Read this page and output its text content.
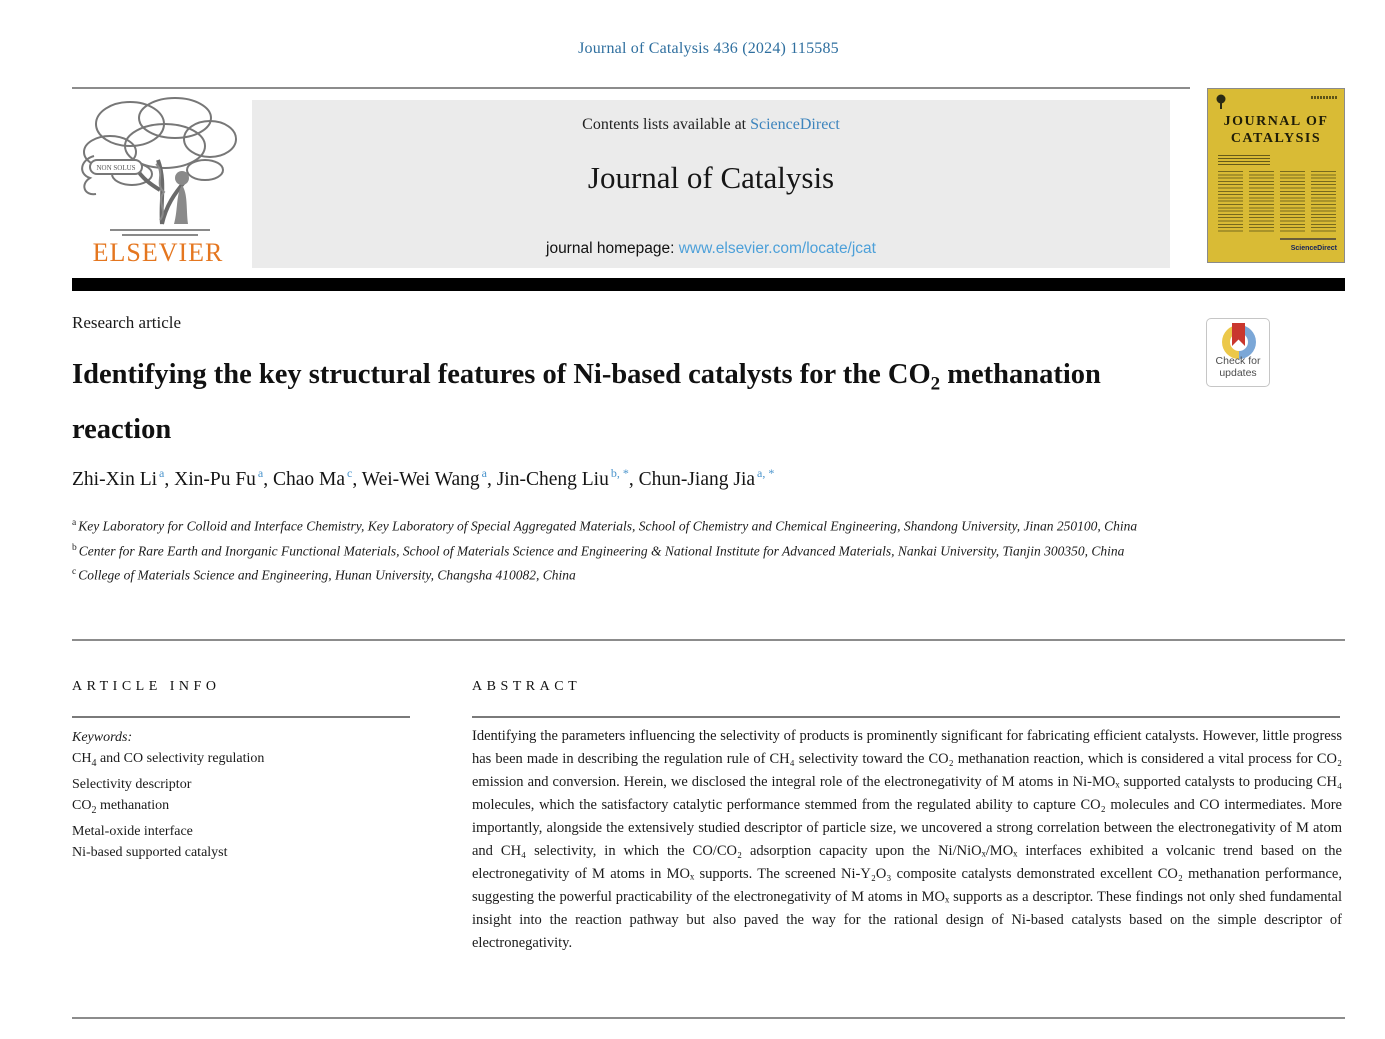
Journal of Catalysis 436 (2024) 115585
NON SOLUS
ELSEVIER
Contents lists available at ScienceDirect
Journal of Catalysis
journal homepage: www.elsevier.com/locate/jcat
JOURNAL OF
CATALYSIS
ScienceDirect
Research article
Check for
updates
Identifying the key structural features of Ni-based catalysts for the $CO_2$ methanation reaction
Zhi-Xin Li $^a$, Xin-Pu Fu $^a$, Chao Ma $^c$, Wei-Wei Wang $^a$, Jin-Cheng Liu $^{b, *}$, Chun-Jiang Jia $^{a, *}$

$^a$ Key Laboratory for Colloid and Interface Chemistry, Key Laboratory of Special Aggregated Materials, School of Chemistry and Chemical Engineering, Shandong University, Jinan 250100, China

$^b$ Center for Rare Earth and Inorganic Functional Materials, School of Materials Science and Engineering & National Institute for Advanced Materials, Nankai University, Tianjin 300350, China

$^c$ College of Materials Science and Engineering, Hunan University, Changsha 410082, China

ARTICLE INFO	ABSTRACT
Keywords:
$CH_4$ and CO selectivity regulation
Selectivity descriptor
$CO_2$ methanation
Metal-oxide interface
Ni-based supported catalyst
Identifying the parameters influencing the selectivity of products is prominently significant for fabricating efficient catalysts. However, little progress has been made in describing the regulation rule of CH₄ selectivity toward the CO₂ methanation reaction, which is considered a vital process for CO₂ emission and conversion. Herein, we disclosed the integral role of the electronegativity of M atoms in Ni-MOₓ supported catalysts to producing CH₄ molecules, which the satisfactory catalytic performance stemmed from the regulated ability to capture CO₂ molecules and CO intermediates. More importantly, alongside the extensively studied descriptor of particle size, we uncovered a strong correlation between the electronegativity of M atom and CH₄ selectivity, in which the CO/CO₂ adsorption capacity upon the Ni/NiOₓ/MOₓ interfaces exhibited a volcanic trend based on the electronegativity of M atoms in MOₓ supports. The screened Ni-Y₂O₃ composite catalysts demonstrated excellent CO₂ methanation performance, suggesting the powerful practicability of the electronegativity of M atoms in MOₓ supports as a descriptor. These findings not only shed fundamental insight into the reaction pathway but also paved the way for the rational design of Ni-based catalysts based on the simple descriptor of electronegativity.
